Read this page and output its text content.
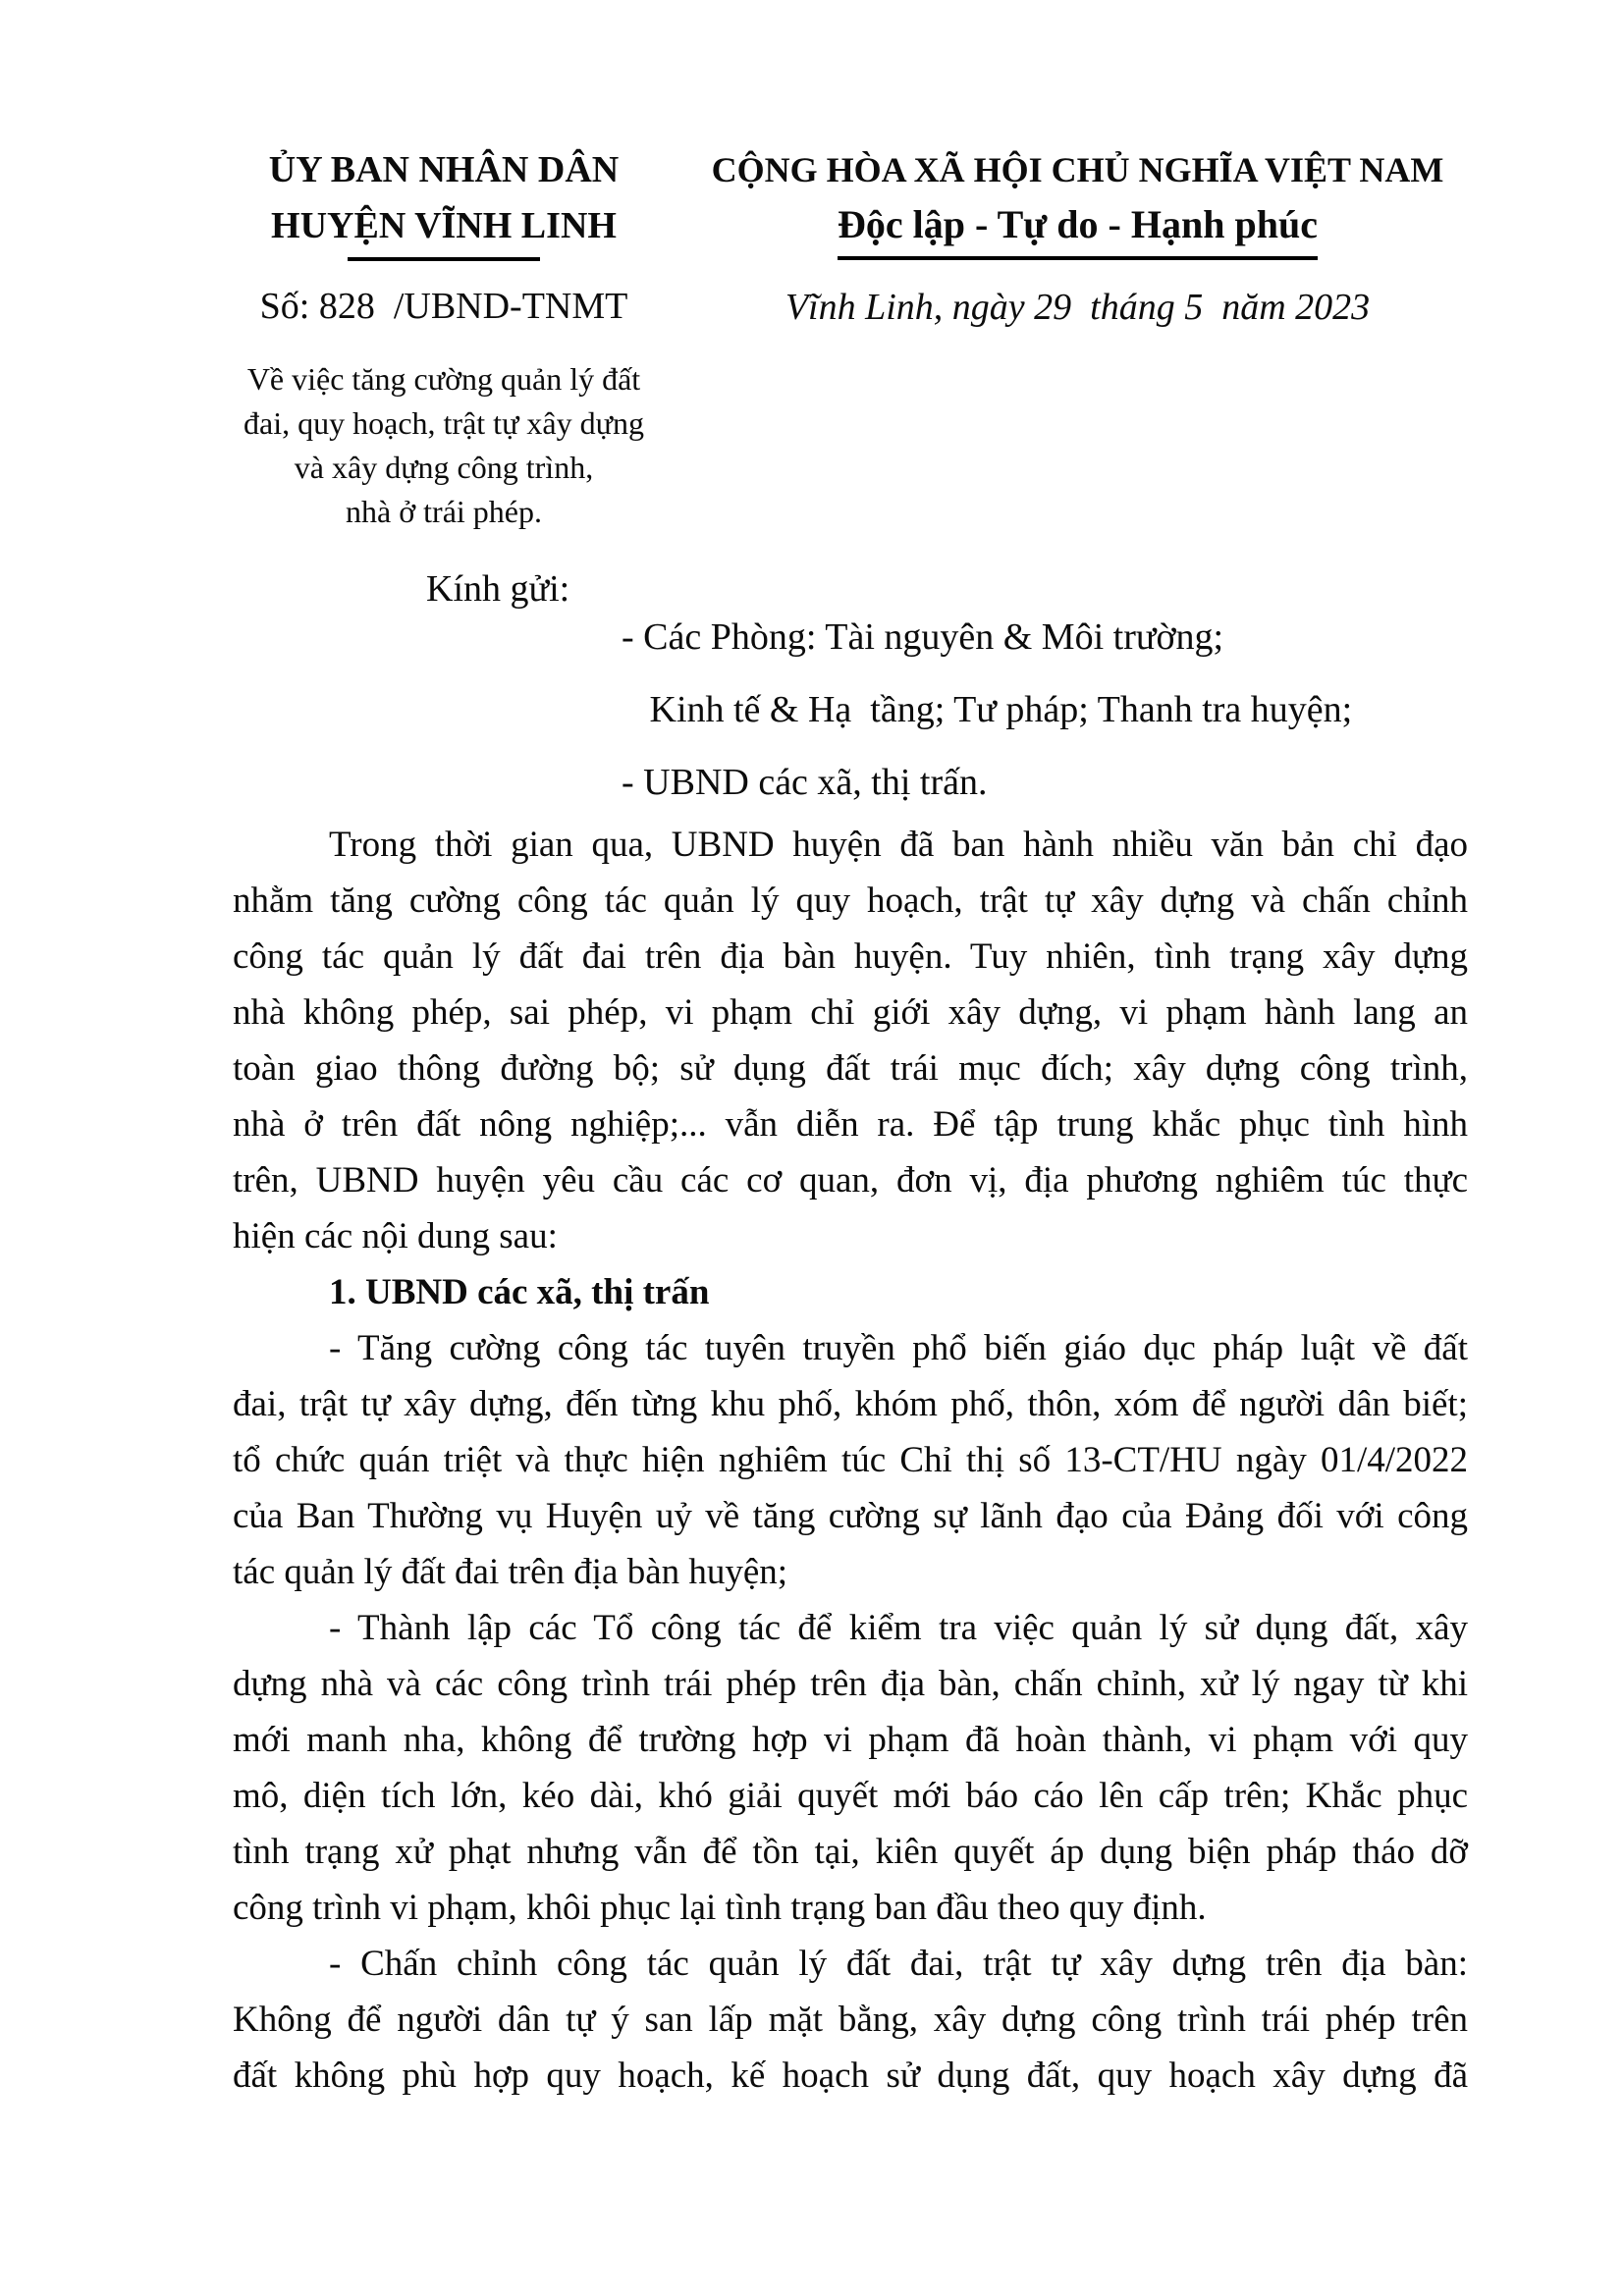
ỦY BAN NHÂN DÂN
HUYỆN VĨNH LINH
Số: 828  /UBND-TNMT
Về việc tăng cường quản lý đất
đai, quy hoạch, trật tự xây dựng
và xây dựng công trình,
nhà ở trái phép.
CỘNG HÒA XÃ HỘI CHỦ NGHĨA VIỆT NAM
Độc lập - Tự do - Hạnh phúc
Vĩnh Linh, ngày 29  tháng 5  năm 2023
Kính gửi:
- Các Phòng: Tài nguyên & Môi trường;
Kinh tế & Hạ  tầng; Tư pháp; Thanh tra huyện;
- UBND các xã, thị trấn.
Trong thời gian qua, UBND huyện đã ban hành nhiều văn bản chỉ đạo
nhằm tăng cường công tác quản lý quy hoạch, trật tự xây dựng và chấn chỉnh
công tác quản lý đất đai trên địa bàn huyện. Tuy nhiên, tình trạng xây dựng
nhà không phép, sai phép, vi phạm chỉ giới xây dựng, vi phạm hành lang an
toàn giao thông đường bộ; sử dụng đất trái mục đích; xây dựng công trình,
nhà ở trên đất nông nghiệp;... vẫn diễn ra. Để tập trung khắc phục tình hình
trên, UBND huyện yêu cầu các cơ quan, đơn vị, địa phương nghiêm túc thực
hiện các nội dung sau:
1. UBND các xã, thị trấn
- Tăng cường công tác tuyên truyền phổ biến giáo dục pháp luật về đất
đai, trật tự xây dựng, đến từng khu phố, khóm phố, thôn, xóm để người dân biết;
tổ chức quán triệt và thực hiện nghiêm túc Chỉ thị số 13-CT/HU ngày 01/4/2022
của Ban Thường vụ Huyện uỷ về tăng cường sự lãnh đạo của Đảng đối với công
tác quản lý đất đai trên địa bàn huyện;
- Thành lập các Tổ công tác để kiểm tra việc quản lý sử dụng đất, xây
dựng nhà và các công trình trái phép trên địa bàn, chấn chỉnh, xử lý ngay từ khi
mới manh nha, không để trường hợp vi phạm đã hoàn thành, vi phạm với quy
mô, diện tích lớn, kéo dài, khó giải quyết mới báo cáo lên cấp trên; Khắc phục
tình trạng xử phạt nhưng vẫn để tồn tại, kiên quyết áp dụng biện pháp tháo dỡ
công trình vi phạm, khôi phục lại tình trạng ban đầu theo quy định.
- Chấn chỉnh công tác quản lý đất đai, trật tự xây dựng trên địa bàn:
Không để người dân tự ý san lấp mặt bằng, xây dựng công trình trái phép trên
đất không phù hợp quy hoạch, kế hoạch sử dụng đất, quy hoạch xây dựng đã
